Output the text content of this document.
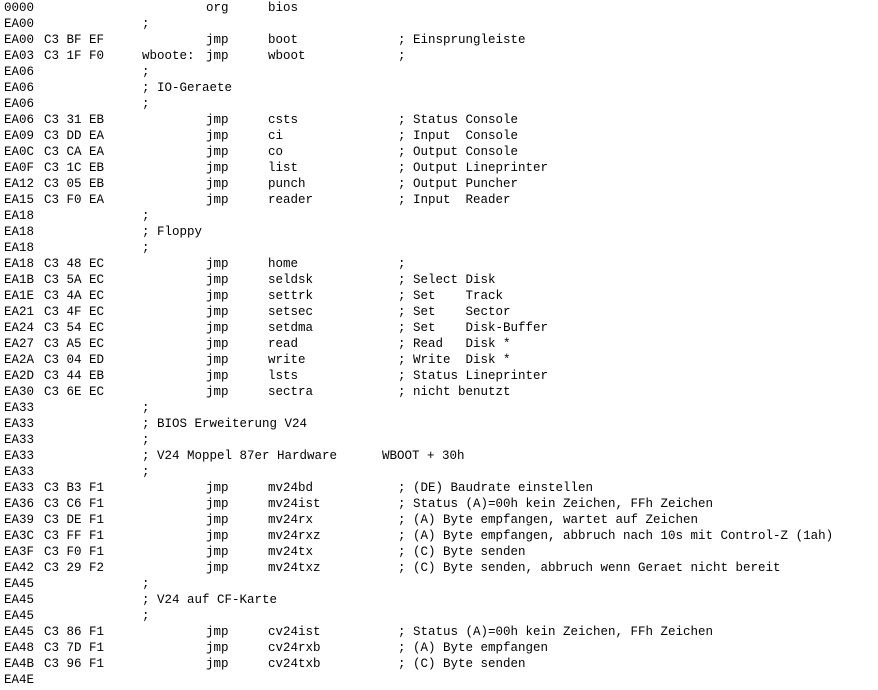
0000	org	bios
EA00	;
EA00 C3 BF EF	jmp	boot	; Einsprungleiste
EA03 C3 1F F0	wboote: jmp	wboot	;
EA06	;
EA06	; IO-Geraete
EA06	;
EA06 C3 31 EB	jmp	csts	; Status Console
EA09 C3 DD EA	jmp	ci	; Input  Console
EA0C C3 CA EA	jmp	co	; Output Console
EA0F C3 1C EB	jmp	list	; Output Lineprinter
EA12 C3 05 EB	jmp	punch	; Output Puncher
EA15 C3 F0 EA	jmp	reader	; Input  Reader
EA18	;
EA18	; Floppy
EA18	;
EA18 C3 48 EC	jmp	home	;
EA1B C3 5A EC	jmp	seldsk	; Select Disk
EA1E C3 4A EC	jmp	settrk	; Set    Track
EA21 C3 4F EC	jmp	setsec	; Set    Sector
EA24 C3 54 EC	jmp	setdma	; Set    Disk-Buffer
EA27 C3 A5 EC	jmp	read	; Read   Disk *
EA2A C3 04 ED	jmp	write	; Write  Disk *
EA2D C3 44 EB	jmp	lsts	; Status Lineprinter
EA30 C3 6E EC	jmp	sectra	; nicht benutzt
EA33	;
EA33	; BIOS Erweiterung V24
EA33	;
EA33	; V24 Moppel 87er Hardware      WBOOT + 30h
EA33	;
EA33 C3 B3 F1	jmp	mv24bd	; (DE) Baudrate einstellen
EA36 C3 C6 F1	jmp	mv24ist	; Status (A)=00h kein Zeichen, FFh Zeichen
EA39 C3 DE F1	jmp	mv24rx	; (A) Byte empfangen, wartet auf Zeichen
EA3C C3 FF F1	jmp	mv24rxz	; (A) Byte empfangen, abbruch nach 10s mit Control-Z (1ah)
EA3F C3 F0 F1	jmp	mv24tx	; (C) Byte senden
EA42 C3 29 F2	jmp	mv24txz	; (C) Byte senden, abbruch wenn Geraet nicht bereit
EA45	;
EA45	; V24 auf CF-Karte
EA45	;
EA45 C3 86 F1	jmp	cv24ist	; Status (A)=00h kein Zeichen, FFh Zeichen
EA48 C3 7D F1	jmp	cv24rxb	; (A) Byte empfangen
EA4B C3 96 F1	jmp	cv24txb	; (C) Byte senden
EA4E
